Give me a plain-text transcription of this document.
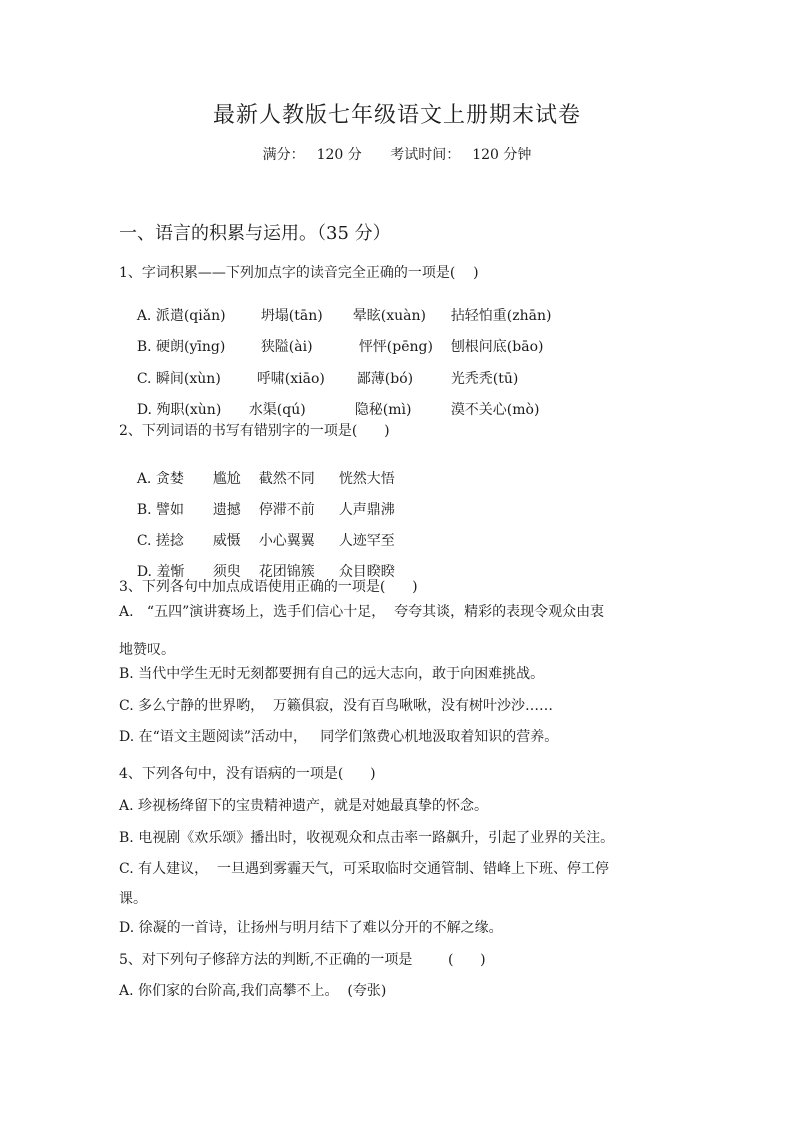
最新人教版七年级语文上册期末试卷
满分： 120 分 考试时间： 120 分钟
一、语言的积累与运用。（35 分）
1、字词积累——下列加点字的读音完全正确的一项是(    )

A. 派遣(qiǎn)	坍塌(tān) 晕眩(xuàn) 拈轻怕重(zhān)

B. 硬朗(yīng)	狭隘(ài)	怦怦(pēng) 刨根问底(bāo)

C. 瞬间(xùn)	呼啸(xiāo) 鄙薄(bó)	光秃秃(tū)

D. 殉职(xùn) 水渠(qú)	隐秘(mì)	漠不关心(mò)

2、下列词语的书写有错别字的一项是(      )

A. 贪婪 尴尬 截然不同 恍然大悟

B. 譬如 遗撼 停滞不前 人声鼎沸

C. 搓捻 威慑 小心翼翼 人迹罕至

D. 羞惭 须臾 花团锦簇 众目睽睽

3、下列各句中加点成语使用正确的一项是(      )
A.   “五四”演讲赛场上，选手们信心十足，  夸夸其谈，精彩的表现令观众由衷
地赞叹。
B. 当代中学生无时无刻都要拥有自己的远大志向，敢于向困难挑战。
C. 多么宁静的世界哟，  万籁俱寂，没有百鸟啾啾，没有树叶沙沙……
D. 在“语文主题阅读”活动中，   同学们煞费心机地汲取着知识的营养。
4、下列各句中，没有语病的一项是(      )
A. 珍视杨绛留下的宝贵精神遗产，就是对她最真挚的怀念。
B. 电视剧《欢乐颂》播出时，收视观众和点击率一路飙升，引起了业界的关注。
C. 有人建议，  一旦遇到雾霾天气，可采取临时交通管制、错峰上下班、停工停
课。
D. 徐凝的一首诗，让扬州与明月结下了难以分开的不解之缘。
5、对下列句子修辞方法的判断,不正确的一项是        (      )
A. 你们家的台阶高,我们高攀不上。  (夸张)
